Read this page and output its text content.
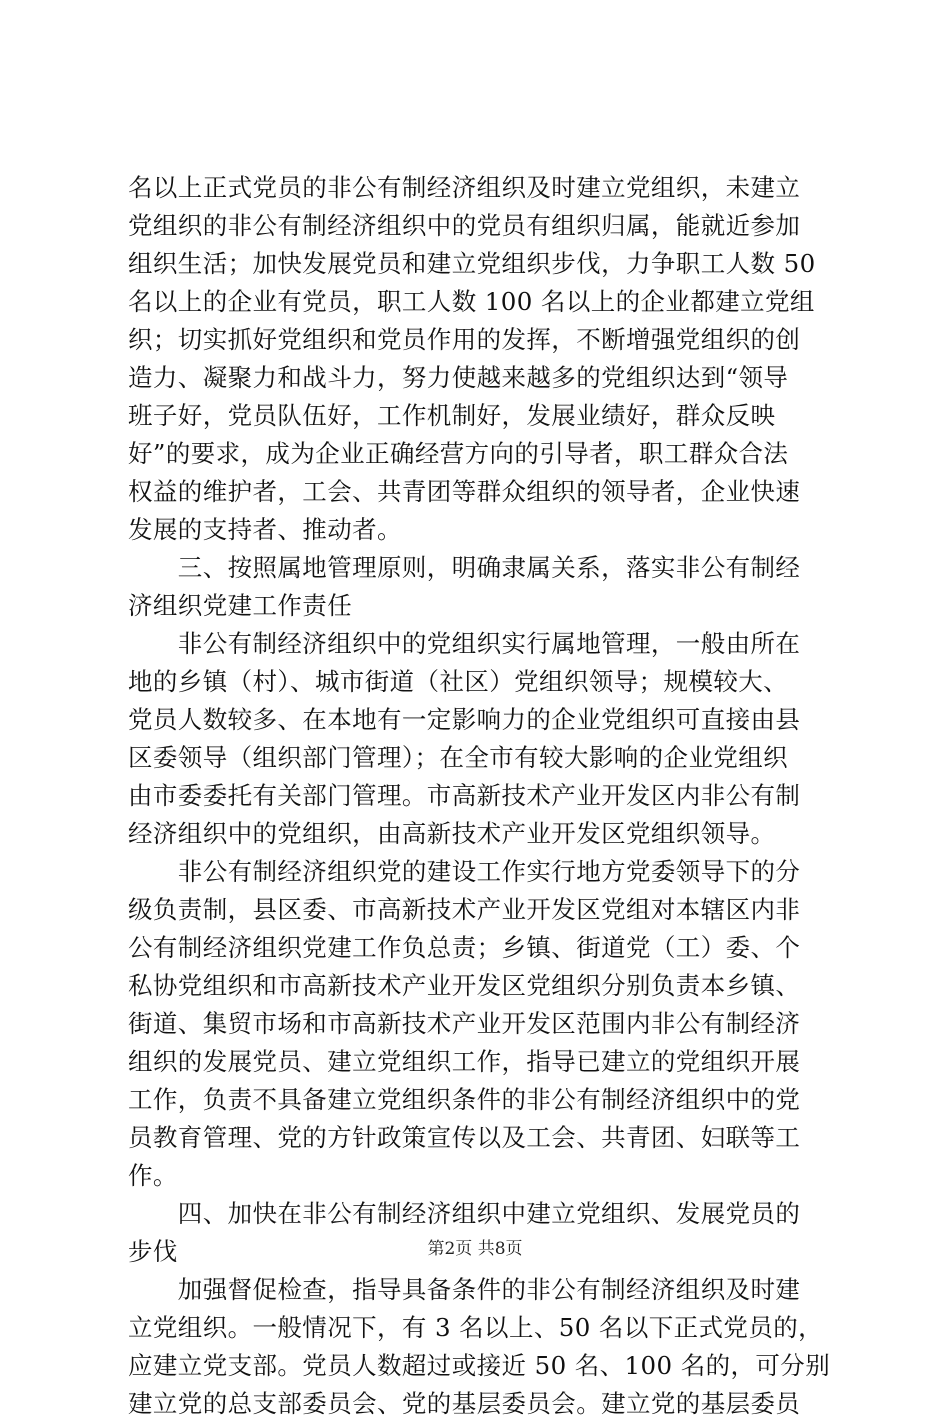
名以上正式党员的非公有制经济组织及时建立党组织，未建立
党组织的非公有制经济组织中的党员有组织归属，能就近参加
组织生活；加快发展党员和建立党组织步伐，力争职工人数 50
名以上的企业有党员，职工人数 100 名以上的企业都建立党组
织；切实抓好党组织和党员作用的发挥，不断增强党组织的创
造力、凝聚力和战斗力，努力使越来越多的党组织达到“领导
班子好，党员队伍好，工作机制好，发展业绩好，群众反映
好”的要求，成为企业正确经营方向的引导者，职工群众合法
权益的维护者，工会、共青团等群众组织的领导者，企业快速
发展的支持者、推动者。
　　三、按照属地管理原则，明确隶属关系，落实非公有制经
济组织党建工作责任
　　非公有制经济组织中的党组织实行属地管理，一般由所在
地的乡镇（村）、城市街道（社区）党组织领导；规模较大、
党员人数较多、在本地有一定影响力的企业党组织可直接由县
区委领导（组织部门管理）；在全市有较大影响的企业党组织
由市委委托有关部门管理。市高新技术产业开发区内非公有制
经济组织中的党组织，由高新技术产业开发区党组织领导。
　　非公有制经济组织党的建设工作实行地方党委领导下的分
级负责制，县区委、市高新技术产业开发区党组对本辖区内非
公有制经济组织党建工作负总责；乡镇、街道党（工）委、个
私协党组织和市高新技术产业开发区党组织分别负责本乡镇、
街道、集贸市场和市高新技术产业开发区范围内非公有制经济
组织的发展党员、建立党组织工作，指导已建立的党组织开展
工作，负责不具备建立党组织条件的非公有制经济组织中的党
员教育管理、党的方针政策宣传以及工会、共青团、妇联等工
作。
　　四、加快在非公有制经济组织中建立党组织、发展党员的
步伐
　　加强督促检查，指导具备条件的非公有制经济组织及时建
立党组织。一般情况下，有 3 名以上、50 名以下正式党员的，
应建立党支部。党员人数超过或接近 50 名、100 名的，可分别
建立党的总支部委员会、党的基层委员会。建立党的基层委员
第2页 共8页
